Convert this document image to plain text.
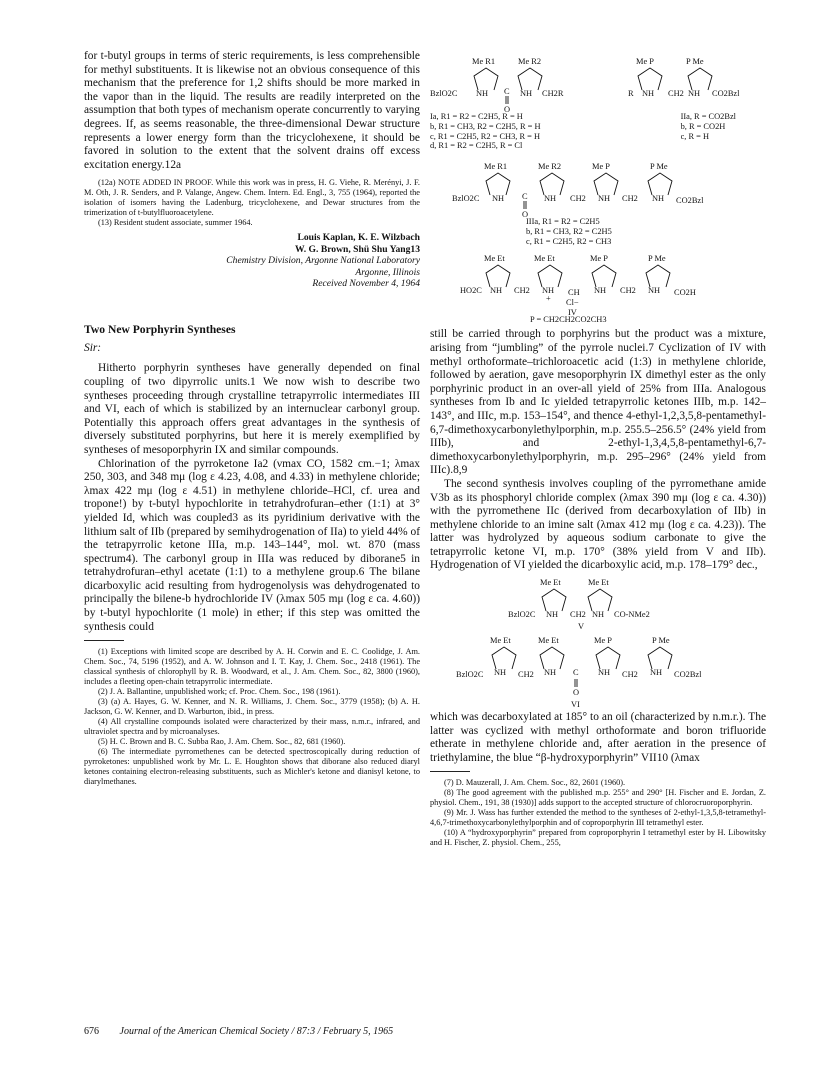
for t-butyl groups in terms of steric requirements, is less comprehensible for methyl substituents. It is likewise not an obvious consequence of this mechanism that the preference for 1,2 shifts should be more marked in the vapor than in the liquid. The results are readily interpreted on the assumption that both types of mechanism operate concurrently to varying degrees. If, as seems reasonable, the three-dimensional Dewar structure represents a lower energy form than the tricyclohexene, it should be favored in solution to the extent that the solvent drains off excess excitation energy.12a

(12a) NOTE ADDED IN PROOF. While this work was in press, H. G. Viehe, R. Merényi, J. F. M. Oth, J. R. Senders, and P. Valange, Angew. Chem. Intern. Ed. Engl., 3, 755 (1964), reported the isolation of isomers having the Ladenburg, tricyclohexene, and Dewar structures from the trimerization of t-butylfluoroacetylene.

(13) Resident student associate, summer 1964.

Louis Kaplan, K. E. Wilzbach
W. G. Brown, Shü Shu Yang13
Chemistry Division, Argonne National Laboratory
Argonne, Illinois
Received November 4, 1964
Two New Porphyrin Syntheses
Sir:

Hitherto porphyrin syntheses have generally depended on final coupling of two dipyrrolic units.1 We now wish to describe two syntheses proceeding through crystalline tetrapyrrolic intermediates III and VI, each of which is stabilized by an internuclear carbonyl group. Potentially this approach offers great advantages in the synthesis of diversely substituted porphyrins, but here it is merely exemplified by syntheses of mesoporphyrin IX and similar compounds.

Chlorination of the pyrroketone Ia2 (νmax CO, 1582 cm.−1; λmax 250, 303, and 348 mμ (log ε 4.23, 4.08, and 4.33) in methylene chloride; λmax 422 mμ (log ε 4.51) in methylene chloride–HCl, cf. urea and tropone!) by t-butyl hypochlorite in tetrahydrofuran–ether (1:1) at 3° yielded Id, which was coupled3 as its pyridinium derivative with the lithium salt of IIb (prepared by semihydrogenation of IIa) to yield 44% of the tetrapyrrolic ketone IIIa, m.p. 143–144°, mol. wt. 870 (mass spectrum4). The carbonyl group in IIIa was reduced by diborane5 in tetrahydrofuran–ethyl acetate (1:1) to a methylene group.6 The bilane dicarboxylic acid resulting from hydrogenolysis was dehydrogenated to principally the bilene-b hydrochloride IV (λmax 505 mμ (log ε ca. 4.60)) by t-butyl hypochlorite (1 mole) in ether; if this step was omitted the synthesis could

(1) Exceptions with limited scope are described by A. H. Corwin and E. C. Coolidge, J. Am. Chem. Soc., 74, 5196 (1952), and A. W. Johnson and I. T. Kay, J. Chem. Soc., 2418 (1961). The classical synthesis of chlorophyll by R. B. Woodward, et al., J. Am. Chem. Soc., 82, 3800 (1960), includes a fleeting open-chain tetrapyrrolic intermediate.

(2) J. A. Ballantine, unpublished work; cf. Proc. Chem. Soc., 198 (1961).

(3) (a) A. Hayes, G. W. Kenner, and N. R. Williams, J. Chem. Soc., 3779 (1958); (b) A. H. Jackson, G. W. Kenner, and D. Warburton, ibid., in press.

(4) All crystalline compounds isolated were characterized by their mass, n.m.r., infrared, and ultraviolet spectra and by microanalyses.

(5) H. C. Brown and B. C. Subba Rao, J. Am. Chem. Soc., 82, 681 (1960).

(6) The intermediate pyrromethenes can be detected spectroscopically during reduction of pyrroketones: unpublished work by Mr. L. E. Houghton shows that diborane also reduced diaryl ketones containing electron-releasing substituents, such as Michler's ketone and dianisyl ketone, to diarylmethanes.

Me R1	Me R2
BzlO2C NH C NH CH2R
O
Me P	P Me
R NH CH2 NH CO2Bzl
Ia, R1 = R2 = C2H5, R = H
b, R1 = CH3, R2 = C2H5, R = H
c, R1 = C2H5, R2 = CH3, R = H
d, R1 = R2 = C2H5, R = Cl
IIa, R = CO2Bzl
b, R = CO2H
c, R = H
Me R1	Me R2	Me P	P Me
BzlO2C NH C NH CH2 NH CH2 NH CO2Bzl
O
IIIa, R1 = R2 = C2H5
b, R1 = CH3, R2 = C2H5
c, R1 = C2H5, R2 = CH3
Me Et	Me Et	Me P	P Me
HO2C NH CH2 NH
+
CH NH CH2 NH CO2H
Cl−
IV
P = CH2CH2CO2CH3

still be carried through to porphyrins but the product was a mixture, arising from “jumbling” of the pyrrole nuclei.7 Cyclization of IV with methyl orthoformate–trichloroacetic acid (1:3) in methylene chloride, followed by aeration, gave mesoporphyrin IX dimethyl ester as the only porphyrinic product in an over-all yield of 25% from IIIa. Analogous syntheses from Ib and Ic yielded tetrapyrrolic ketones IIIb, m.p. 142–143°, and IIIc, m.p. 153–154°, and thence 4-ethyl-1,2,3,5,8-pentamethyl-6,7-dimethoxycarbonylethylporphin, m.p. 255.5–256.5° (24% yield from IIIb), and 2-ethyl-1,3,4,5,8-pentamethyl-6,7-dimethoxycarbonylethylporphyrin, m.p. 295–296° (24% yield from IIIc).8,9

The second synthesis involves coupling of the pyrromethane amide V3b as its phosphoryl chloride complex (λmax 390 mμ (log ε ca. 4.30)) with the pyrromethene IIc (derived from decarboxylation of IIb) in methylene chloride to an imine salt (λmax 412 mμ (log ε ca. 4.23)). The latter was hydrolyzed by aqueous sodium carbonate to give the tetrapyrrolic ketone VI, m.p. 170° (38% yield from V and IIb). Hydrogenation of VI yielded the dicarboxylic acid, m.p. 178–179° dec.,

Me Et	Me Et
BzlO2C NH CH2 NH CO-NMe2
V
Me Et	Me Et	Me P	P Me
BzlO2C NH CH2 NH C NH CH2 NH CO2Bzl
O
VI

which was decarboxylated at 185° to an oil (characterized by n.m.r.). The latter was cyclized with methyl orthoformate and boron trifluoride etherate in methylene chloride and, after aeration in the presence of triethylamine, the blue “β-hydroxyporphyrin” VII10 (λmax

(7) D. Mauzerall, J. Am. Chem. Soc., 82, 2601 (1960).

(8) The good agreement with the published m.p. 255° and 290° [H. Fischer and E. Jordan, Z. physiol. Chem., 191, 38 (1930)] adds support to the accepted structure of chlorocruoroporphyrin.

(9) Mr. J. Wass has further extended the method to the syntheses of 2-ethyl-1,3,5,8-tetramethyl-4,6,7-trimethoxycarbonylethylporphin and of coproporphyrin III tetramethyl ester.

(10) A “hydroxyporphyrin” prepared from coproporphyrin I tetramethyl ester by H. Libowitsky and H. Fischer, Z. physiol. Chem., 255,

676 Journal of the American Chemical Society / 87:3 / February 5, 1965
